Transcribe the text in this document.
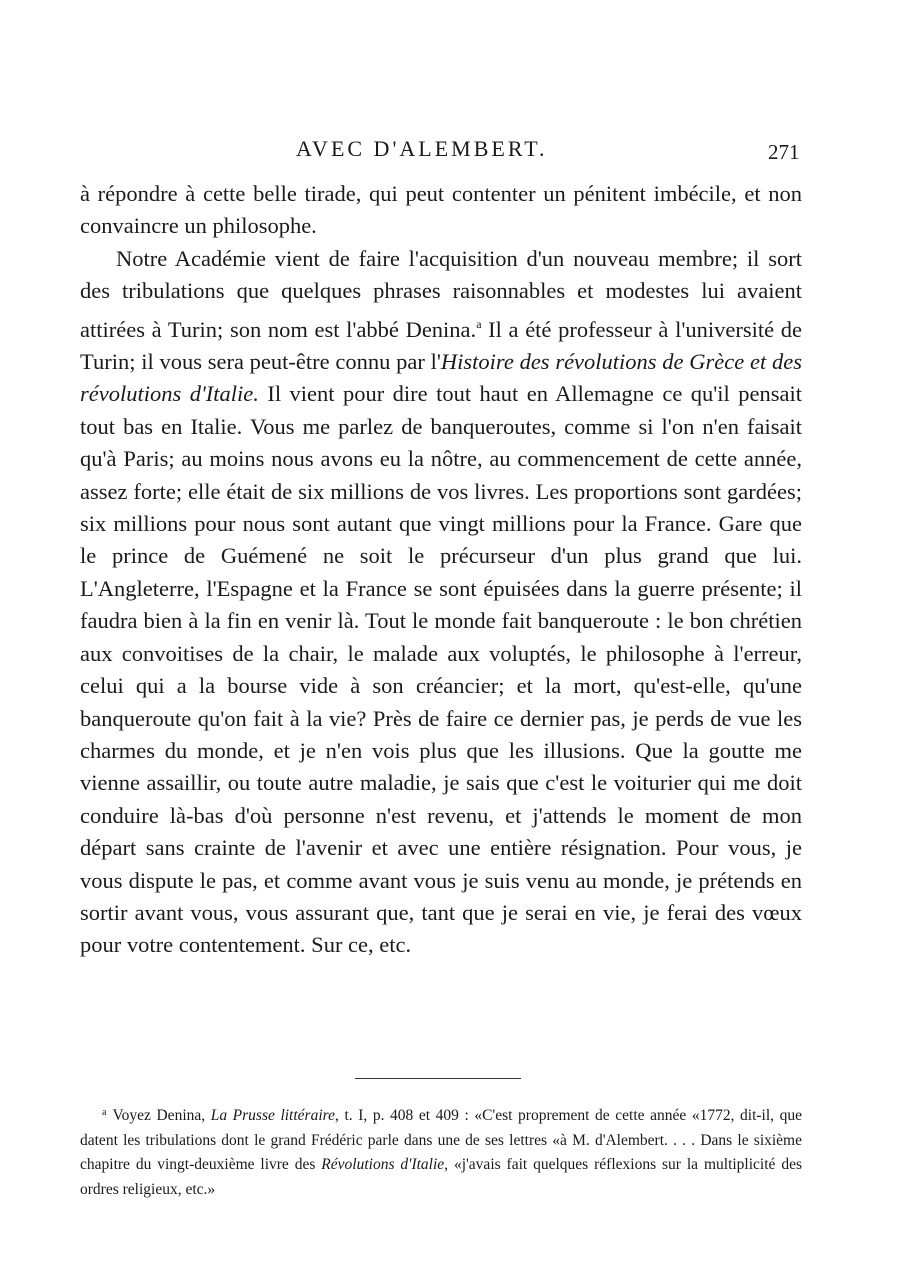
AVEC D'ALEMBERT.	271

à répondre à cette belle tirade, qui peut contenter un pénitent imbécile, et non convaincre un philosophe.

Notre Académie vient de faire l'acquisition d'un nouveau membre; il sort des tribulations que quelques phrases raisonnables et modestes lui avaient attirées à Turin; son nom est l'abbé Denina.$^a$ Il a été professeur à l'université de Turin; il vous sera peut-être connu par l'Histoire des révolutions de Grèce et des révolutions d'Italie. Il vient pour dire tout haut en Allemagne ce qu'il pensait tout bas en Italie. Vous me parlez de banqueroutes, comme si l'on n'en faisait qu'à Paris; au moins nous avons eu la nôtre, au commencement de cette année, assez forte; elle était de six millions de vos livres. Les proportions sont gardées; six millions pour nous sont autant que vingt millions pour la France. Gare que le prince de Guémené ne soit le précurseur d'un plus grand que lui. L'Angleterre, l'Espagne et la France se sont épuisées dans la guerre présente; il faudra bien à la fin en venir là. Tout le monde fait banqueroute : le bon chrétien aux convoitises de la chair, le malade aux voluptés, le philosophe à l'erreur, celui qui a la bourse vide à son créancier; et la mort, qu'est-elle, qu'une banqueroute qu'on fait à la vie? Près de faire ce dernier pas, je perds de vue les charmes du monde, et je n'en vois plus que les illusions. Que la goutte me vienne assaillir, ou toute autre maladie, je sais que c'est le voiturier qui me doit conduire là-bas d'où personne n'est revenu, et j'attends le moment de mon départ sans crainte de l'avenir et avec une entière résignation. Pour vous, je vous dispute le pas, et comme avant vous je suis venu au monde, je prétends en sortir avant vous, vous assurant que, tant que je serai en vie, je ferai des vœux pour votre contentement. Sur ce, etc.

$^a$ Voyez Denina, La Prusse littéraire, t. I, p. 408 et 409 : «C'est proprement de cette année «1772, dit-il, que datent les tribulations dont le grand Frédéric parle dans une de ses lettres «à M. d'Alembert. . . . Dans le sixième chapitre du vingt-deuxième livre des Révolutions d'Italie, «j'avais fait quelques réflexions sur la multiplicité des ordres religieux, etc.»
